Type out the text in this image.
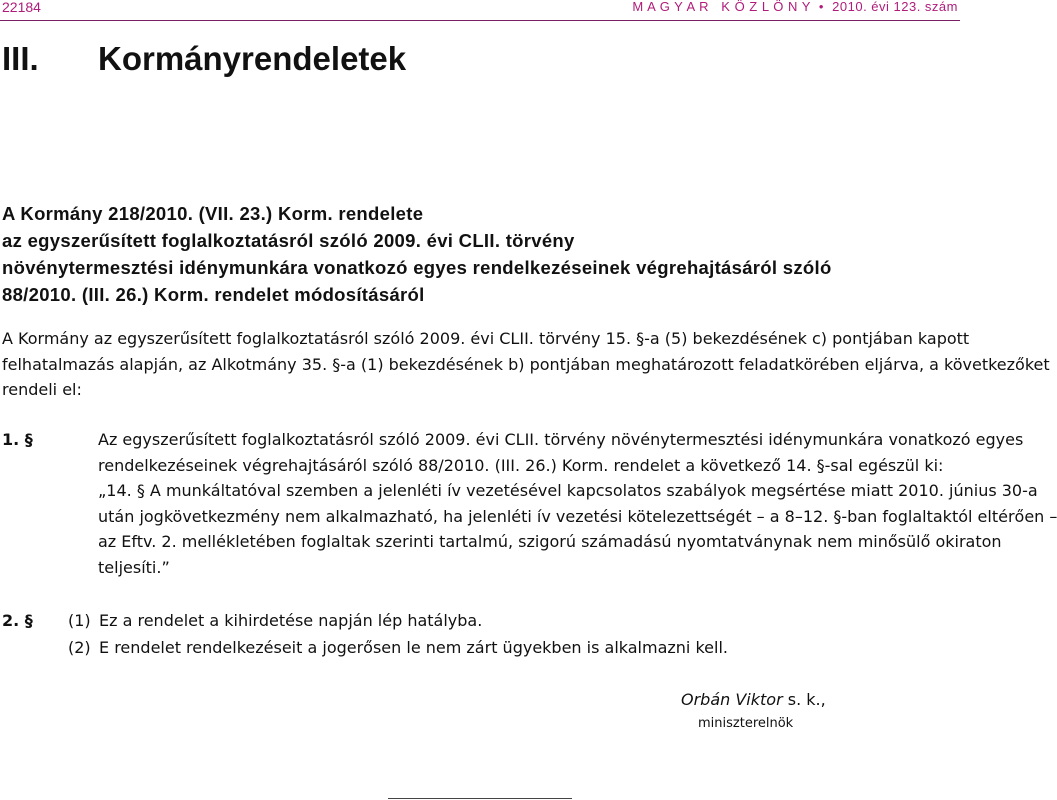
22184	M A G Y A R   K Ö Z L Ö N Y  •  2010. évi 123. szám
III. Kormányrendeletek
A Kormány 218/2010. (VII. 23.) Korm. rendelete
az egyszerűsített foglalkoztatásról szóló 2009. évi CLII. törvény
növénytermesztési idénymunkára vonatkozó egyes rendelkezéseinek végrehajtásáról szóló
88/2010. (III. 26.) Korm. rendelet módosításáról
A Kormány az egyszerűsített foglalkoztatásról szóló 2009. évi CLII. törvény 15. §-a (5) bekezdésének c) pontjában kapott
felhatalmazás alapján, az Alkotmány 35. §-a (1) bekezdésének b) pontjában meghatározott feladatkörében eljárva, a következőket
rendeli el:
1. §	Az egyszerűsített foglalkoztatásról szóló 2009. évi CLII. törvény növénytermesztési idénymunkára vonatkozó egyes
rendelkezéseinek végrehajtásáról szóló 88/2010. (III. 26.) Korm. rendelet a következő 14. §-sal egészül ki:
„14. § A munkáltatóval szemben a jelenléti ív vezetésével kapcsolatos szabályok megsértése miatt 2010. június 30-a
után jogkövetkezmény nem alkalmazható, ha jelenléti ív vezetési kötelezettségét – a 8–12. §-ban foglaltaktól eltérően –
az Eftv. 2. mellékletében foglaltak szerinti tartalmú, szigorú számadású nyomtatványnak nem minősülő okiraton
teljesíti.”
2. § (1) Ez a rendelet a kihirdetése napján lép hatályba.
(2) E rendelet rendelkezéseit a jogerősen le nem zárt ügyekben is alkalmazni kell.
Orbán Viktor s. k.,
miniszterelnök
